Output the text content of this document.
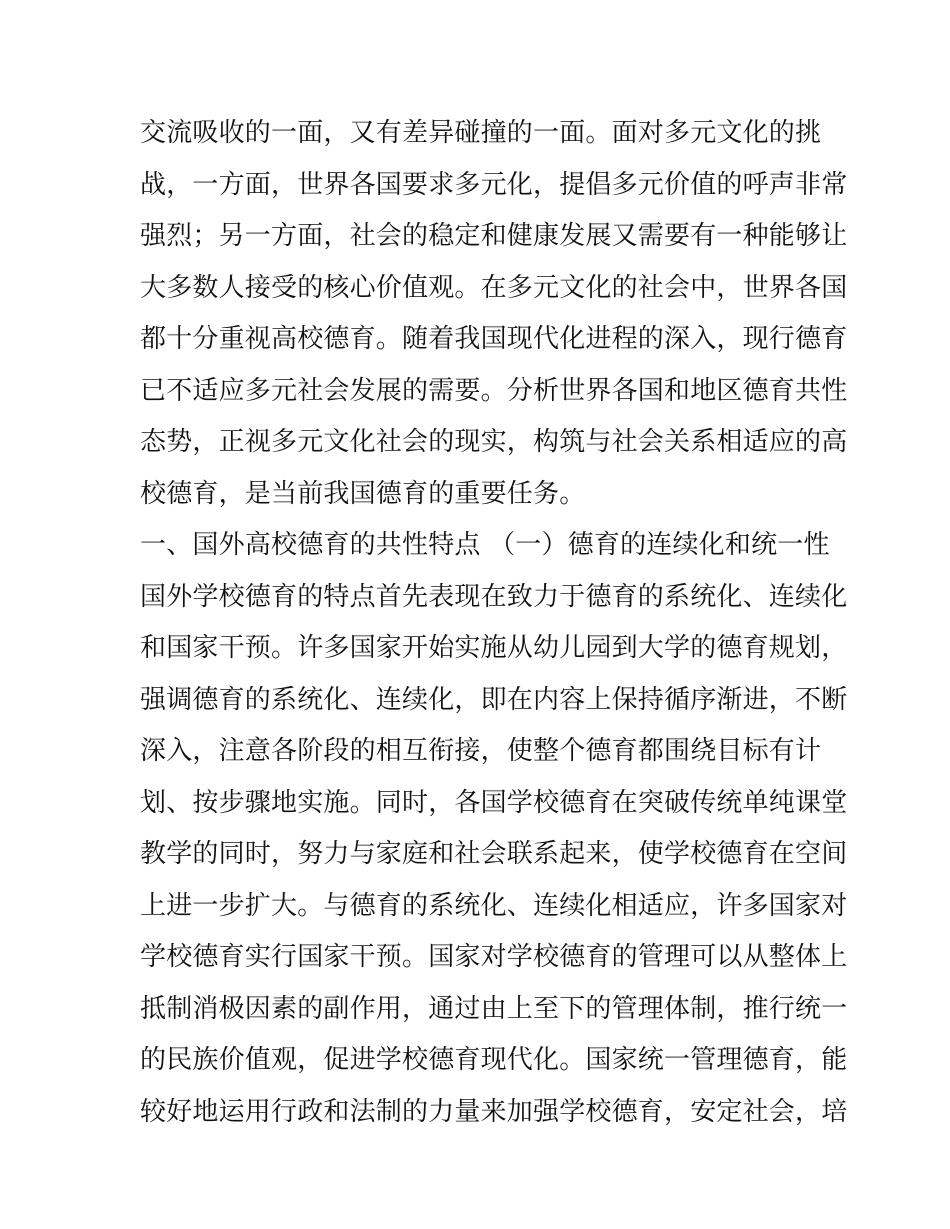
交流吸收的一面，又有差异碰撞的一面。面对多元文化的挑
战，一方面，世界各国要求多元化，提倡多元价值的呼声非常
强烈；另一方面，社会的稳定和健康发展又需要有一种能够让
大多数人接受的核心价值观。在多元文化的社会中，世界各国
都十分重视高校德育。随着我国现代化进程的深入，现行德育
已不适应多元社会发展的需要。分析世界各国和地区德育共性
态势，正视多元文化社会的现实，构筑与社会关系相适应的高
校德育，是当前我国德育的重要任务。
一、国外高校德育的共性特点 （一）德育的连续化和统一性
国外学校德育的特点首先表现在致力于德育的系统化、连续化
和国家干预。许多国家开始实施从幼儿园到大学的德育规划，
强调德育的系统化、连续化，即在内容上保持循序渐进，不断
深入，注意各阶段的相互衔接，使整个德育都围绕目标有计
划、按步骤地实施。同时，各国学校德育在突破传统单纯课堂
教学的同时，努力与家庭和社会联系起来，使学校德育在空间
上进一步扩大。与德育的系统化、连续化相适应，许多国家对
学校德育实行国家干预。国家对学校德育的管理可以从整体上
抵制消极因素的副作用，通过由上至下的管理体制，推行统一
的民族价值观，促进学校德育现代化。国家统一管理德育，能
较好地运用行政和法制的力量来加强学校德育，安定社会，培
